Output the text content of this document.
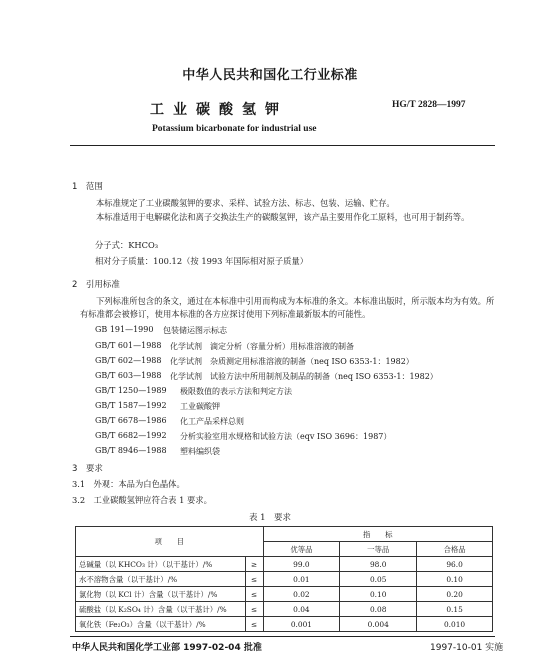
中华人民共和国化工行业标准
工业碳酸氢钾	HG/T 2828—1997
Potassium bicarbonate for industrial use
1　范围
本标准规定了工业碳酸氢钾的要求、采样、试验方法、标志、包装、运输、贮存。
本标准适用于电解碳化法和离子交换法生产的碳酸氢钾，该产品主要用作化工原料，也可用于制药等。
分子式：KHCO₃
相对分子质量：100.12（按 1993 年国际相对原子质量）
2　引用标准
下列标准所包含的条文，通过在本标准中引用而构成为本标准的条文。本标准出版时，所示版本均为有效。所有标准都会被修订，使用本标准的各方应探讨使用下列标准最新版本的可能性。
GB 191—1990 包装储运图示标志
GB/T 601—1988 化学试剂　滴定分析（容量分析）用标准溶液的制备
GB/T 602—1988 化学试剂　杂质测定用标准溶液的制备（neq ISO 6353-1：1982）
GB/T 603—1988 化学试剂　试验方法中所用制剂及制品的制备（neq ISO 6353-1：1982）
GB/T 1250—1989 极限数值的表示方法和判定方法
GB/T 1587—1992 工业碳酸钾
GB/T 6678—1986 化工产品采样总则
GB/T 6682—1992 分析实验室用水规格和试验方法（eqv ISO 3696：1987）
GB/T 8946—1988 塑料编织袋
3　要求
3.1　外观：本品为白色晶体。
3.2　工业碳酸氢钾应符合表 1 要求。
表 1　要求
项　　目		指　　标		
		优等品	一等品	合格品
总碱量（以 KHCO₃ 计）（以干基计）/%	≥	99.0	98.0	96.0
水不溶物含量（以干基计）/%	≤	0.01	0.05	0.10
氯化物（以 KCl 计）含量（以干基计）/%	≤	0.02	0.10	0.20
硫酸盐（以 K₂SO₄ 计）含量（以干基计）/%	≤	0.04	0.08	0.15
氧化铁（Fe₂O₃）含量（以干基计）/%	≤	0.001	0.004	0.010
中华人民共和国化学工业部 1997-02-04 批准	1997-10-01 实施
